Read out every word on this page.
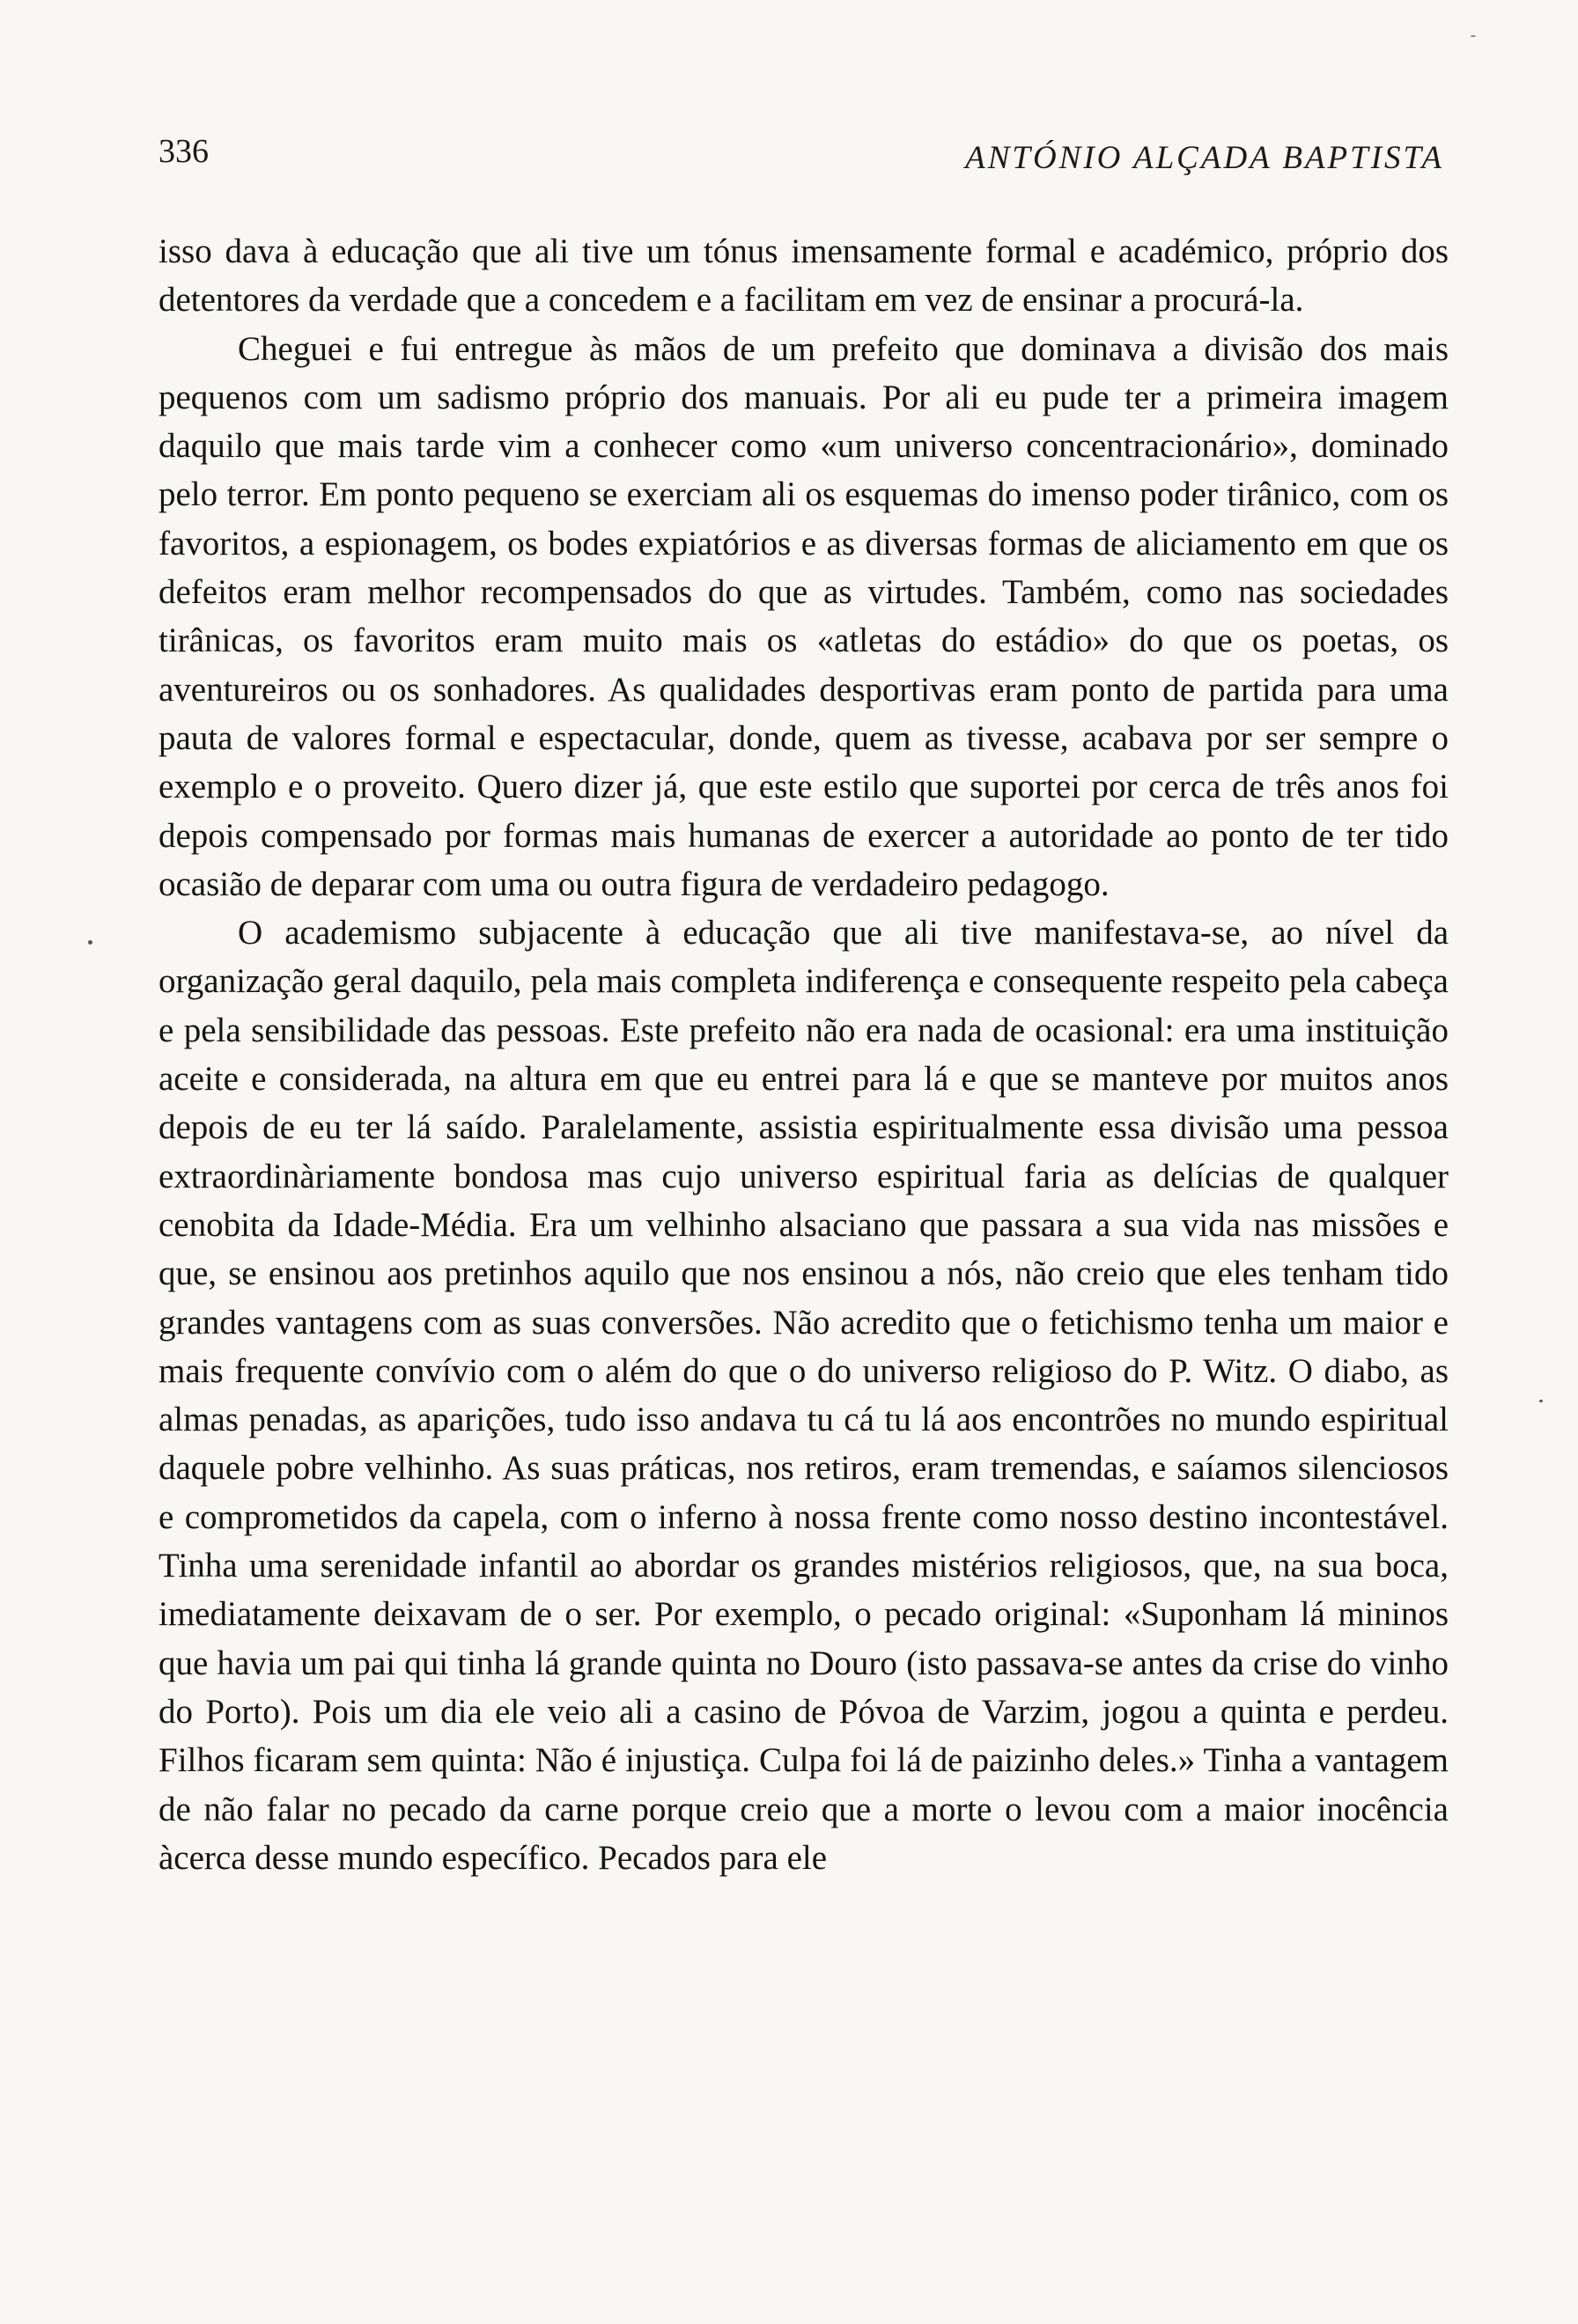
336	ANTÓNIO ALÇADA BAPTISTA

isso dava à educação que ali tive um tónus imensamente formal e académico, próprio dos detentores da verdade que a concedem e a facilitam em vez de ensinar a procurá-la.

Cheguei e fui entregue às mãos de um prefeito que dominava a divisão dos mais pequenos com um sadismo próprio dos manuais. Por ali eu pude ter a primeira imagem daquilo que mais tarde vim a conhecer como «um universo concentracionário», dominado pelo terror. Em ponto pequeno se exerciam ali os esquemas do imenso poder tirânico, com os favoritos, a espionagem, os bodes expiatórios e as diversas formas de aliciamento em que os defeitos eram melhor recompensados do que as virtudes. Também, como nas sociedades tirânicas, os favoritos eram muito mais os «atletas do estádio» do que os poetas, os aventureiros ou os sonhadores. As qualidades desportivas eram ponto de partida para uma pauta de valores formal e espectacular, donde, quem as tivesse, acabava por ser sempre o exemplo e o proveito. Quero dizer já, que este estilo que suportei por cerca de três anos foi depois compensado por formas mais humanas de exercer a autoridade ao ponto de ter tido ocasião de deparar com uma ou outra figura de verdadeiro pedagogo.

O academismo subjacente à educação que ali tive manifestava-se, ao nível da organização geral daquilo, pela mais completa indiferença e consequente respeito pela cabeça e pela sensibilidade das pessoas. Este prefeito não era nada de ocasional: era uma instituição aceite e considerada, na altura em que eu entrei para lá e que se manteve por muitos anos depois de eu ter lá saído. Paralelamente, assistia espiritualmente essa divisão uma pessoa extraordinàriamente bondosa mas cujo universo espiritual faria as delícias de qualquer cenobita da Idade-Média. Era um velhinho alsaciano que passara a sua vida nas missões e que, se ensinou aos pretinhos aquilo que nos ensinou a nós, não creio que eles tenham tido grandes vantagens com as suas conversões. Não acredito que o fetichismo tenha um maior e mais frequente convívio com o além do que o do universo religioso do P. Witz. O diabo, as almas penadas, as aparições, tudo isso andava tu cá tu lá aos encontrões no mundo espiritual daquele pobre velhinho. As suas práticas, nos retiros, eram tremendas, e saíamos silenciosos e comprometidos da capela, com o inferno à nossa frente como nosso destino incontestável. Tinha uma serenidade infantil ao abordar os grandes mistérios religiosos, que, na sua boca, imediatamente deixavam de o ser. Por exemplo, o pecado original: «Suponham lá mininos que havia um pai qui tinha lá grande quinta no Douro (isto passava-se antes da crise do vinho do Porto). Pois um dia ele veio ali a casino de Póvoa de Varzim, jogou a quinta e perdeu. Filhos ficaram sem quinta: Não é injustiça. Culpa foi lá de paizinho deles.» Tinha a vantagem de não falar no pecado da carne porque creio que a morte o levou com a maior inocência àcerca desse mundo específico. Pecados para ele
